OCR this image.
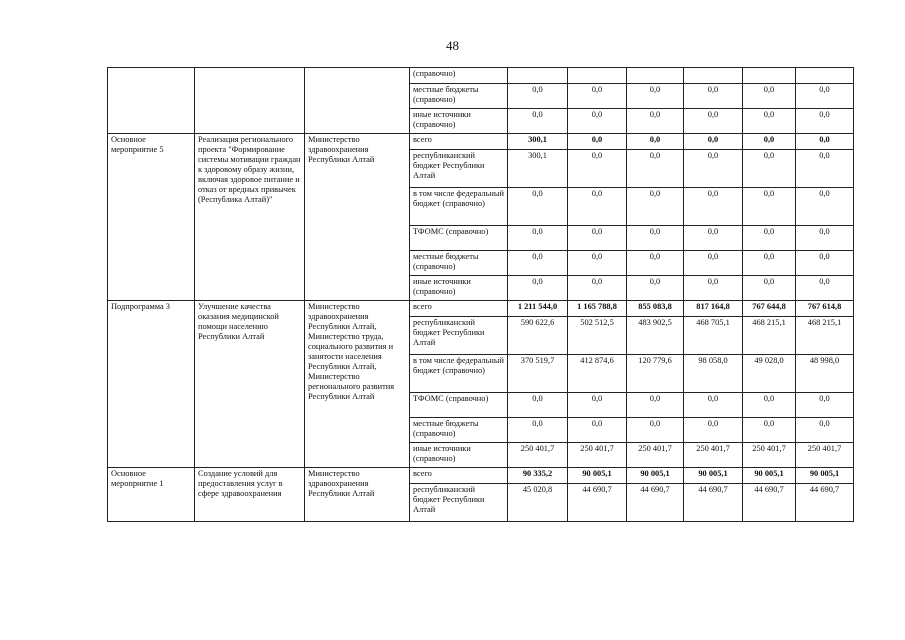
48
			(справочно)						
			местные бюджеты (справочно)	0,0	0,0	0,0	0,0	0,0	0,0
			иные источники (справочно)	0,0	0,0	0,0	0,0	0,0	0,0
Основное мероприятие 5	Реализация регионального проекта "Формирование системы мотивации граждан к здоровому образу жизни, включая здоровое питание и отказ от вредных привычек (Республика Алтай)"	Министерство здравоохранения Республики Алтай	всего	300,1	0,0	0,0	0,0	0,0	0,0
			республиканский бюджет Республики Алтай	300,1	0,0	0,0	0,0	0,0	0,0
			в том числе федеральный бюджет (справочно)	0,0	0,0	0,0	0,0	0,0	0,0
			ТФОМС (справочно)	0,0	0,0	0,0	0,0	0,0	0,0
			местные бюджеты (справочно)	0,0	0,0	0,0	0,0	0,0	0,0
			иные источники (справочно)	0,0	0,0	0,0	0,0	0,0	0,0
Подпрограмма 3	Улучшение качества оказания медицинской помощи населению Республики Алтай	Министерство здравоохранения Республики Алтай, Министерство труда, социального развития и занятости населения Республики Алтай, Министерство регионального развития Республики Алтай	всего	1 211 544,0	1 165 788,8	855 083,8	817 164,8	767 644,8	767 614,8
			республиканский бюджет Республики Алтай	590 622,6	502 512,5	483 902,5	468 705,1	468 215,1	468 215,1
			в том числе федеральный бюджет (справочно)	370 519,7	412 874,6	120 779,6	98 058,0	49 028,0	48 998,0
			ТФОМС (справочно)	0,0	0,0	0,0	0,0	0,0	0,0
			местные бюджеты (справочно)	0,0	0,0	0,0	0,0	0,0	0,0
			иные источники (справочно)	250 401,7	250 401,7	250 401,7	250 401,7	250 401,7	250 401,7
Основное мероприятие 1	Создание условий для предоставления услуг в сфере здравоохранения	Министерство здравоохранения Республики Алтай	всего	90 335,2	90 005,1	90 005,1	90 005,1	90 005,1	90 005,1
			республиканский бюджет Республики Алтай	45 020,8	44 690,7	44 690,7	44 690,7	44 690,7	44 690,7
